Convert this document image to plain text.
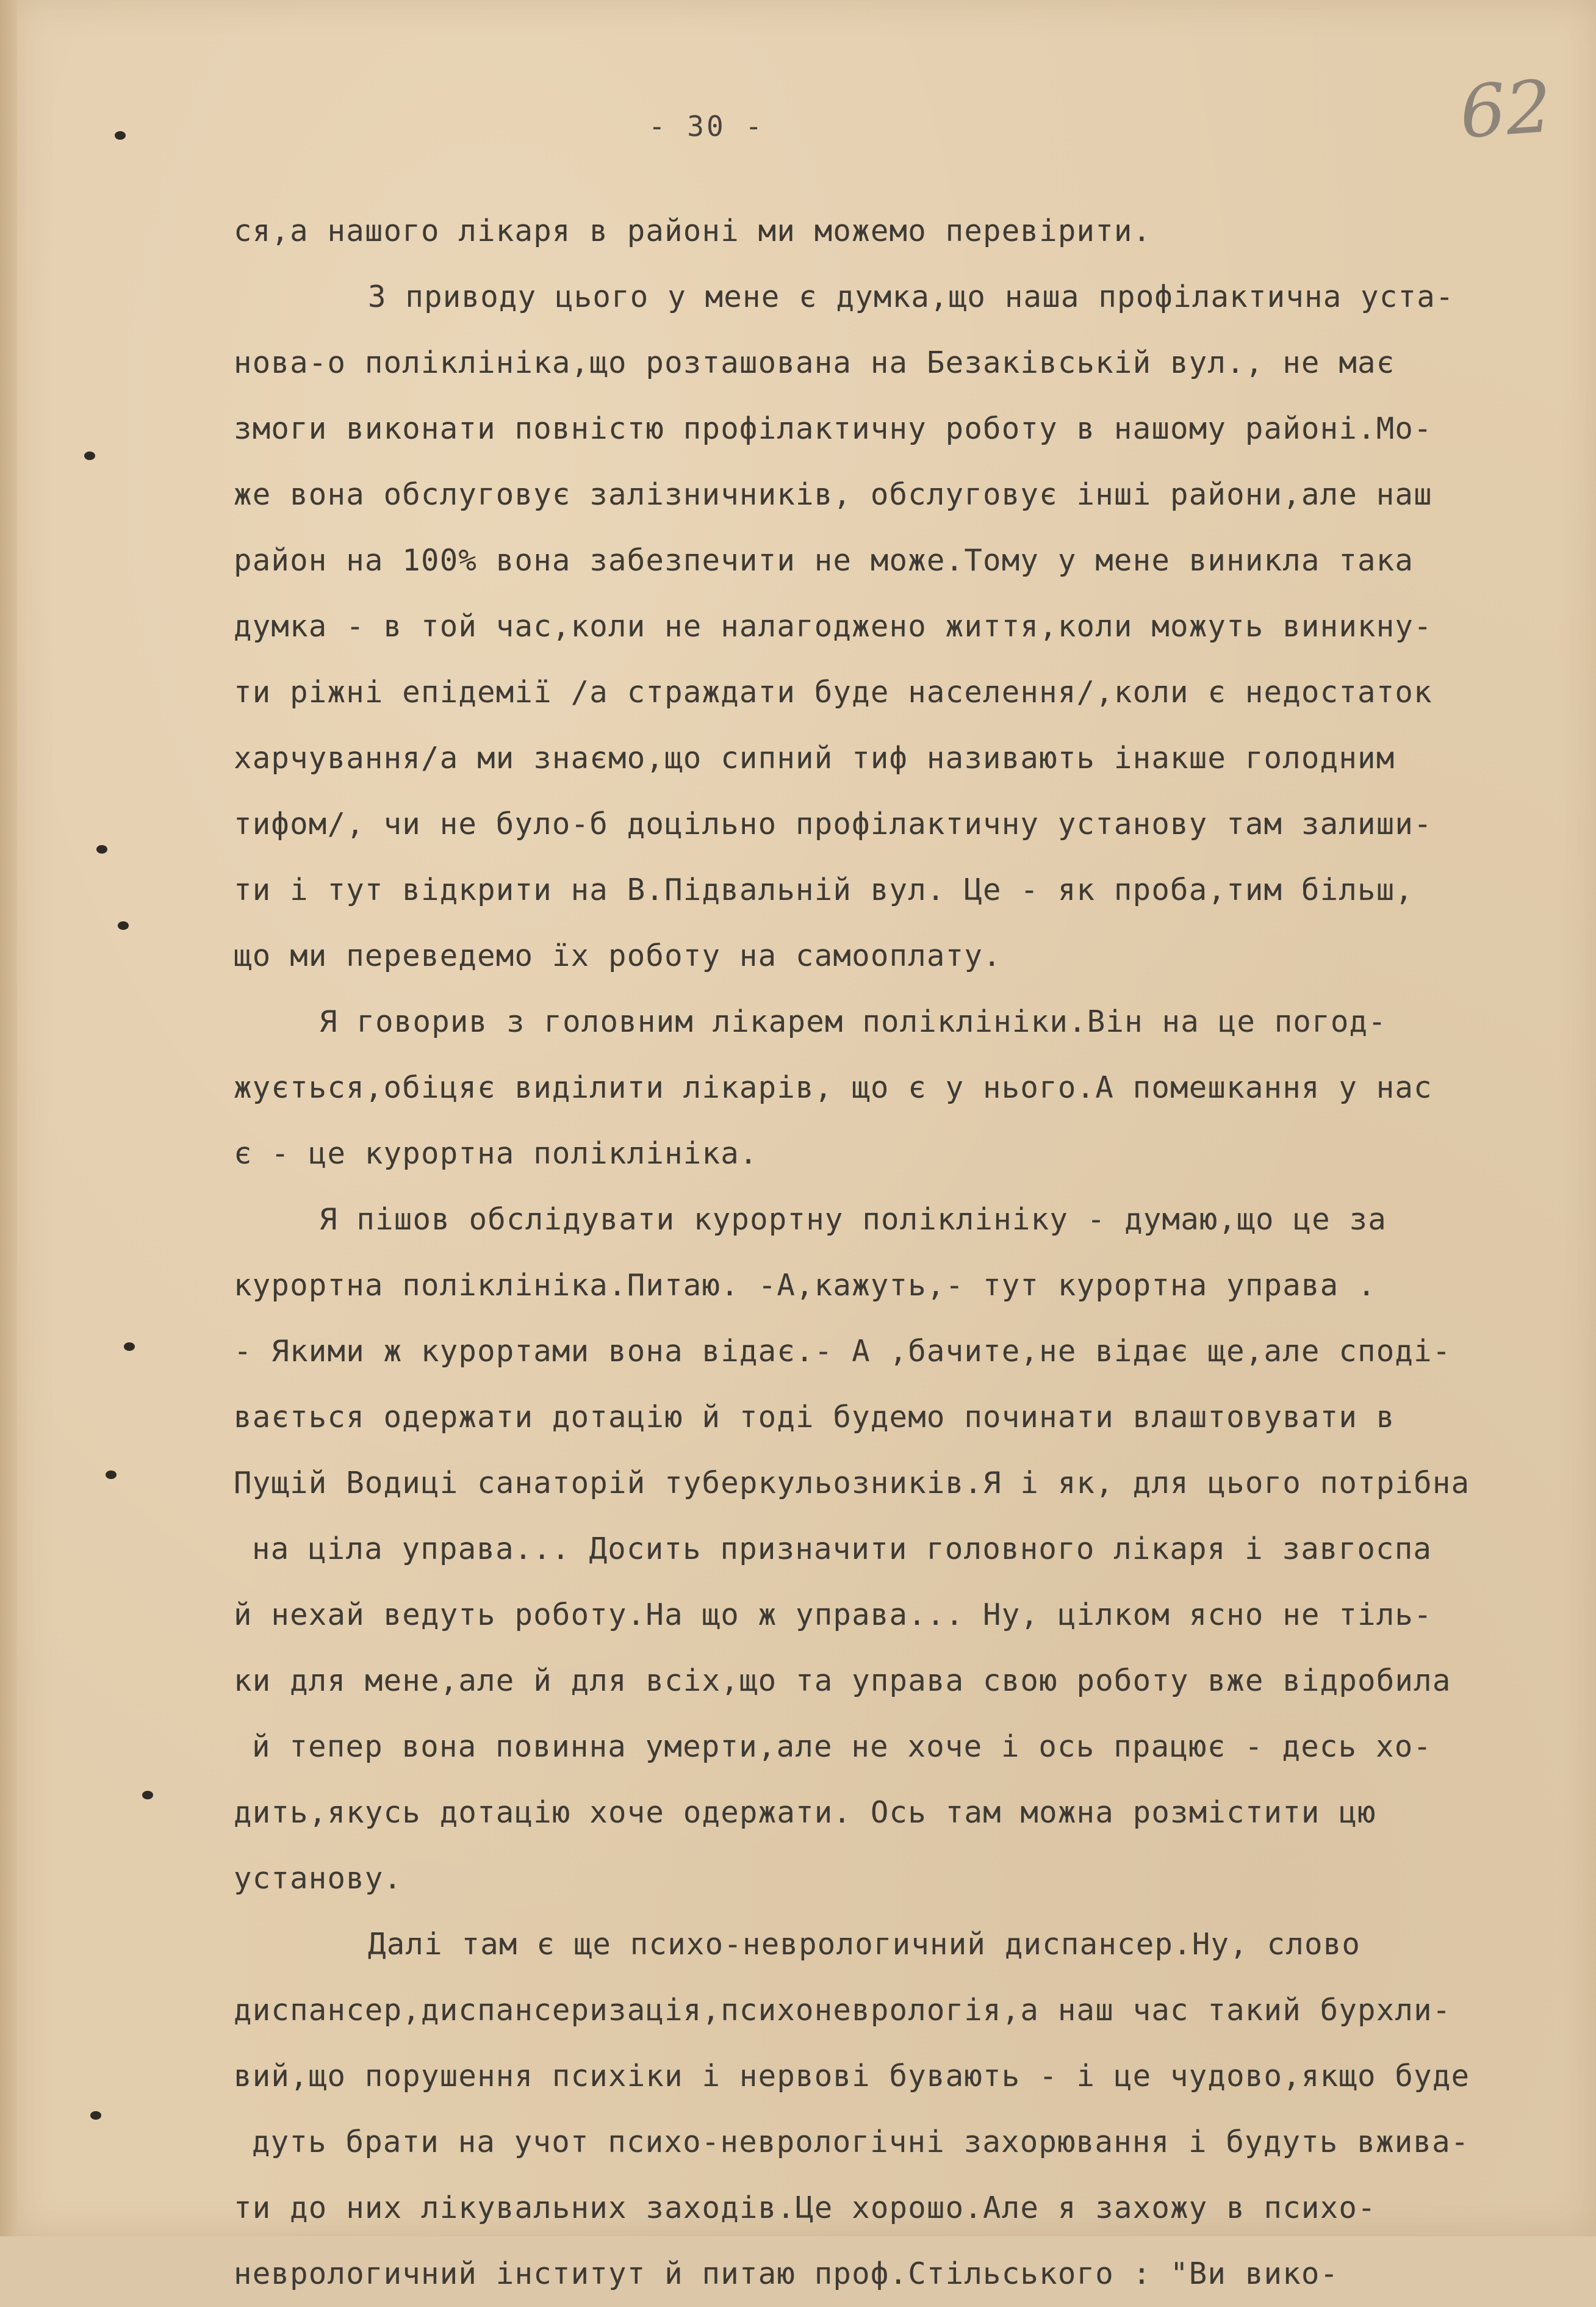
- 30 -	62
ся,а нашого лікаря в районі ми можемо перевірити.
З приводу цього у мене є думка,що наша профілактична уста-
нова-о поліклініка,що розташована на Безаківській вул., не має
змоги виконати повністю профілактичну роботу в нашому районі.Мо-
же вона обслуговує залізничників, обслуговує інші райони,але наш
район на 100% вона забезпечити не може.Тому у мене виникла така
думка - в той час,коли не налагоджено життя,коли можуть виникну-
ти ріжні епідемії /а страждати буде населення/,коли є недостаток
харчування/а ми знаємо,що сипний тиф називають інакше голодним
тифом/, чи не було-б доцільно профілактичну установу там залиши-
ти і тут відкрити на В.Підвальній вул. Це - як проба,тим більш,
що ми переведемо їх роботу на самооплату.
Я говорив з головним лікарем поліклініки.Він на це погод-
жується,обіцяє виділити лікарів, що є у нього.А помешкання у нас
є - це курортна поліклініка.
Я пішов обслідувати курортну поліклініку - думаю,що це за
курортна поліклініка.Питаю. -А,кажуть,- тут курортна управа .
- Якими ж курортами вона відає.- А ,бачите,не відає ще,але споді-
вається одержати дотацію й тоді будемо починати влаштовувати в
Пущій Водиці санаторій туберкульозників.Я і як, для цього потрібна
на ціла управа... Досить призначити головного лікаря і завгоспа
й нехай ведуть роботу.На що ж управа... Ну, цілком ясно не тіль-
ки для мене,але й для всіх,що та управа свою роботу вже відробила
й тепер вона повинна умерти,але не хоче і ось працює - десь хо-
дить,якусь дотацію хоче одержати. Ось там можна розмістити цю
установу.
Далі там є ще психо-неврологичний диспансер.Ну, слово
диспансер,диспансеризація,психоневрологія,а наш час такий бурхли-
вий,що порушення психіки і нервові бувають - і це чудово,якщо буде
дуть брати на учот психо-неврологічні захорювання і будуть вжива-
ти до них лікувальних заходів.Це хорошо.Але я захожу в психо-
неврологичний інститут й питаю проф.Стільського : "Ви вико-
